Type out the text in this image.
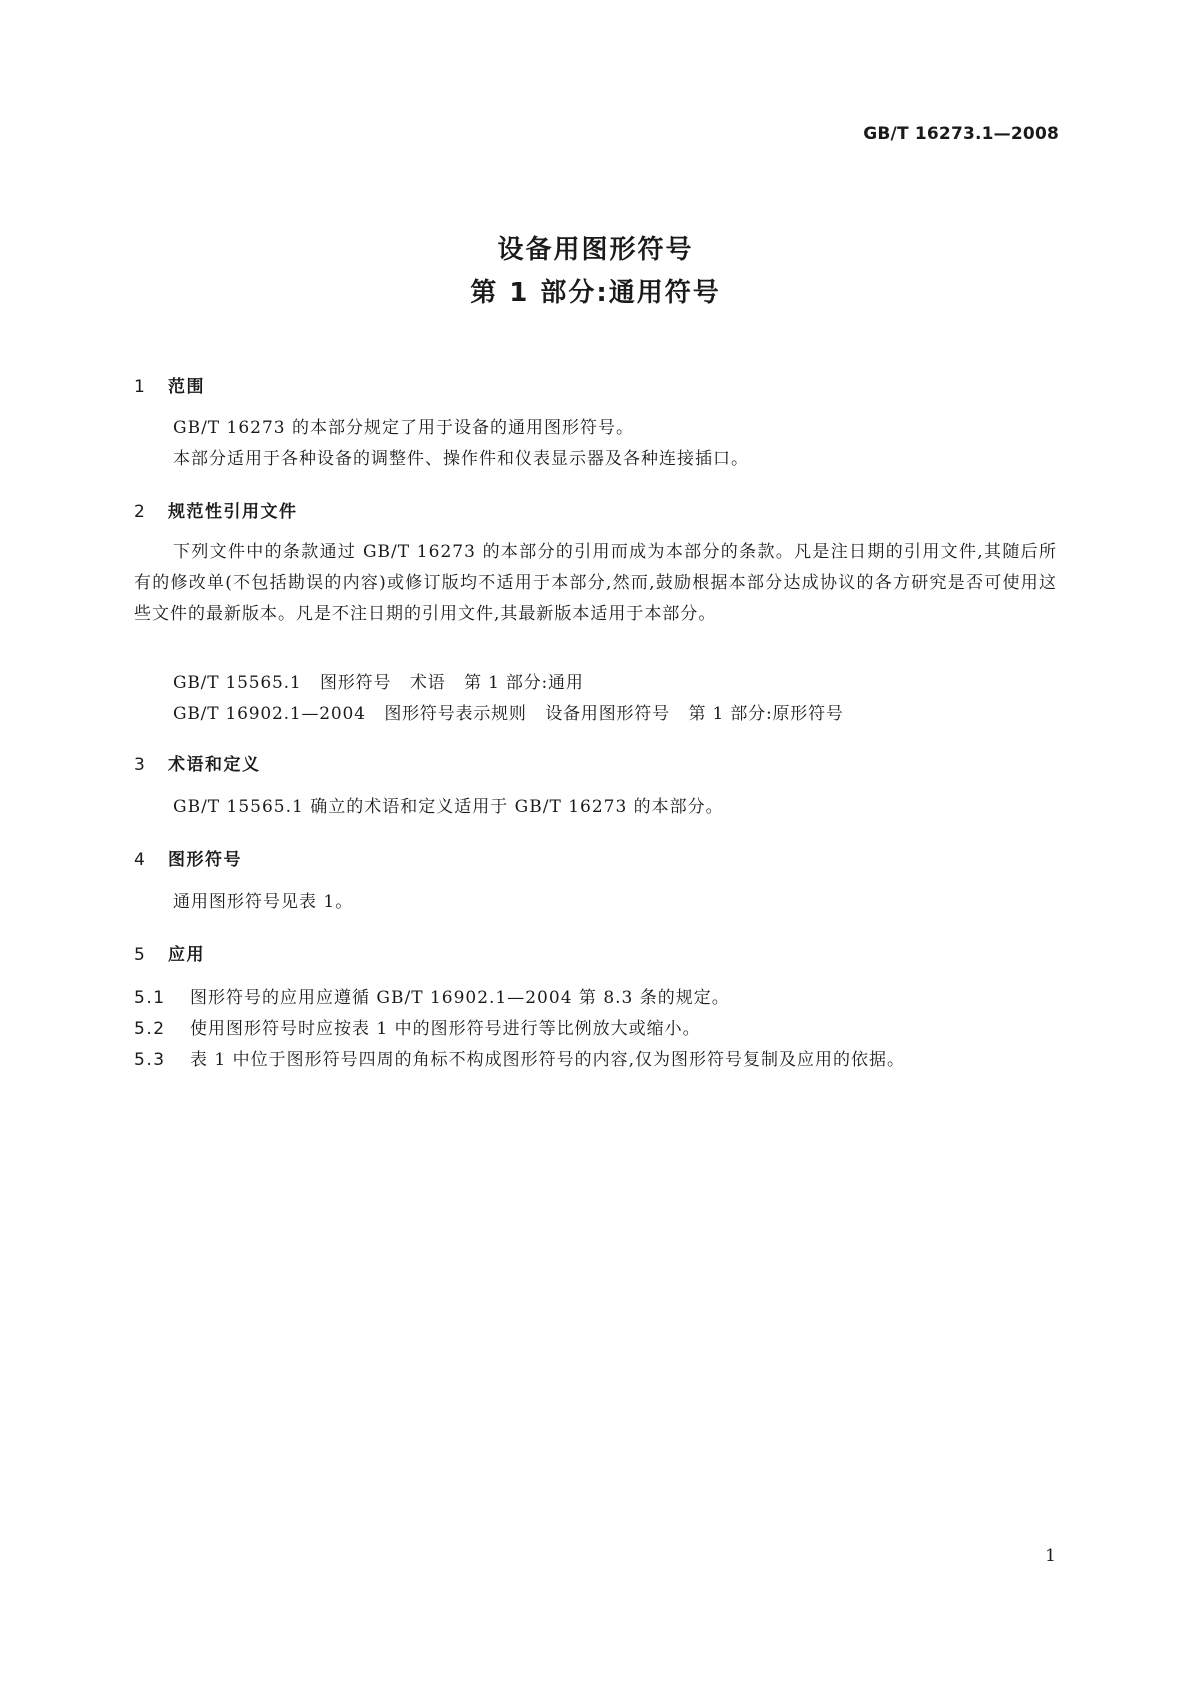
GB/T 16273.1—2008
设备用图形符号
第 1 部分:通用符号
1 范围
GB/T 16273 的本部分规定了用于设备的通用图形符号。
本部分适用于各种设备的调整件、操作件和仪表显示器及各种连接插口。
2 规范性引用文件
下列文件中的条款通过 GB/T 16273 的本部分的引用而成为本部分的条款。凡是注日期的引用文件,其随后所有的修改单(不包括勘误的内容)或修订版均不适用于本部分,然而,鼓励根据本部分达成协议的各方研究是否可使用这些文件的最新版本。凡是不注日期的引用文件,其最新版本适用于本部分。
GB/T 15565.1   图形符号   术语   第 1 部分:通用
GB/T 16902.1—2004   图形符号表示规则   设备用图形符号   第 1 部分:原形符号
3 术语和定义
GB/T 15565.1 确立的术语和定义适用于 GB/T 16273 的本部分。
4 图形符号
通用图形符号见表 1。
5 应用
5.1 图形符号的应用应遵循 GB/T 16902.1—2004 第 8.3 条的规定。
5.2 使用图形符号时应按表 1 中的图形符号进行等比例放大或缩小。
5.3 表 1 中位于图形符号四周的角标不构成图形符号的内容,仅为图形符号复制及应用的依据。
1
